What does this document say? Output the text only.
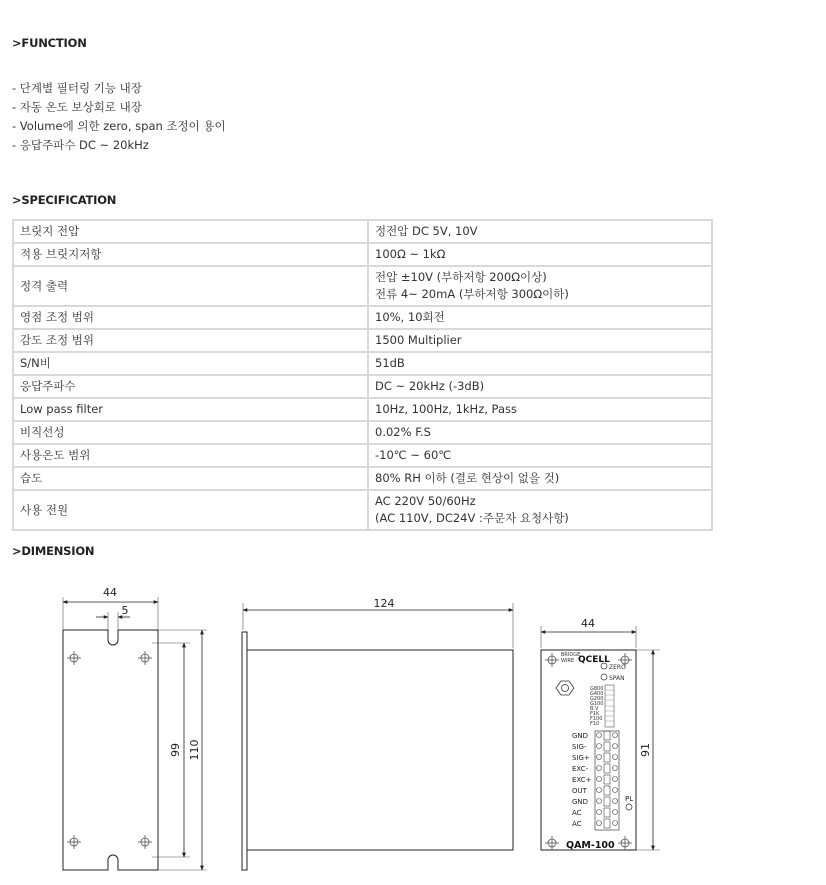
>FUNCTION
- 단계별 필터링 기능 내장
- 자동 온도 보상회로 내장
- Volume에 의한 zero, span 조정이 용이
- 응답주파수 DC ~ 20kHz
>SPECIFICATION
브릿지 전압	정전압 DC 5V, 10V
적용 브릿지저항	100Ω ~ 1kΩ
정격 출력	전압 ±10V (부하저항 200Ω이상)
전류 4~ 20mA (부하저항 300Ω이하)

영점 조정 범위	10%, 10회전
감도 조정 범위	1500 Multiplier
S/N비	51dB
응답주파수	DC ~ 20kHz (-3dB)
Low pass filter	10Hz, 100Hz, 1kHz, Pass
비직선성	0.02% F.S
사용온도 범위	-10℃ ~ 60℃
습도	80% RH 이하 (결로 현상이 없을 것)
사용 전원	AC 220V 50/60Hz
(AC 110V, DC24V :주문자 요청사항)
>DIMENSION
44
5
99 110
124
44
91
BRIDGE
WIRE QCELL
ZERO
SPAN
G800
G400
G200
G100
B.V
F1K
F100
F10
GND
SIG-
SIG+
EXC-
EXC+
OUT
GND
AC
AC
PL
QAM-100
